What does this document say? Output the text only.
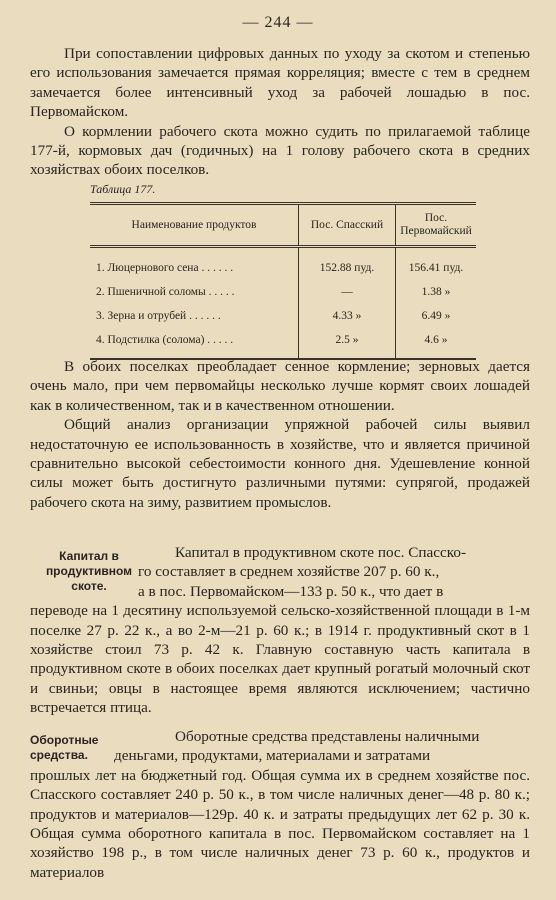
— 244 —

При сопоставлении цифровых данных по уходу за скотом и степенью его использования замечается прямая корреляция; вместе с тем в среднем замечается более интенсивный уход за рабочей лошадью в пос. Первомайском.

О кормлении рабочего скота можно судить по прилагаемой таблице 177-й, кормовых дач (годичных) на 1 голову рабочего скота в средних хозяйствах обоих поселков.

Таблица 177.
Наименование продуктов	Пос. Спасский	Пос. Первомайский
1. Люцернового сена . . . . . .	152.88 пуд.	156.41 пуд.
2. Пшеничной соломы . . . . .	—	1.38 »
3. Зерна и отрубей . . . . . .	4.33 »	6.49 »
4. Подстилка (солома) . . . . .	2.5 »	4.6 »

В обоих поселках преобладает сенное кормление; зерновых дается очень мало, при чем первомайцы несколько лучше кормят своих лошадей как в количественном, так и в качественном отношении.

Общий анализ организации упряжной рабочей силы выявил недостаточную ее использованность в хозяйстве, что и является причиной сравнительно высокой себестоимости конного дня. Удешевление конной силы может быть достигнуто различными путями: супрягой, продажей рабочего скота на зиму, развитием промыслов.

Капитал в продуктивном скоте.

Капитал в продуктивном скоте пос. Спасско-

го составляет в среднем хозяйстве 207 р. 60 к.,

а в пос. Первомайском—133 р. 50 к., что дает в

переводе на 1 десятину используемой сельско-хозяйственной площади в 1-м поселке 27 р. 22 к., а во 2-м—21 р. 60 к.; в 1914 г. продуктивный скот в 1 хозяйстве стоил 73 р. 42 к. Главную составную часть капитала в продуктивном скоте в обоих поселках дает крупный рогатый молочный скот и свиньи; овцы в настоящее время являются исключением; частично встречается птица.

Оборотные средства.

Оборотные средства представлены наличными

деньгами, продуктами, материалами и затратами

прошлых лет на бюджетный год. Общая сумма их в среднем хозяйстве пос. Спасского составляет 240 р. 50 к., в том числе наличных денег—48 р. 80 к.; продуктов и материалов—129р. 40 к. и затраты предыдущих лет 62 р. 30 к. Общая сумма оборотного капитала в пос. Первомайском составляет на 1 хозяйство 198 р., в том числе наличных денег 73 р. 60 к., продуктов и материалов
